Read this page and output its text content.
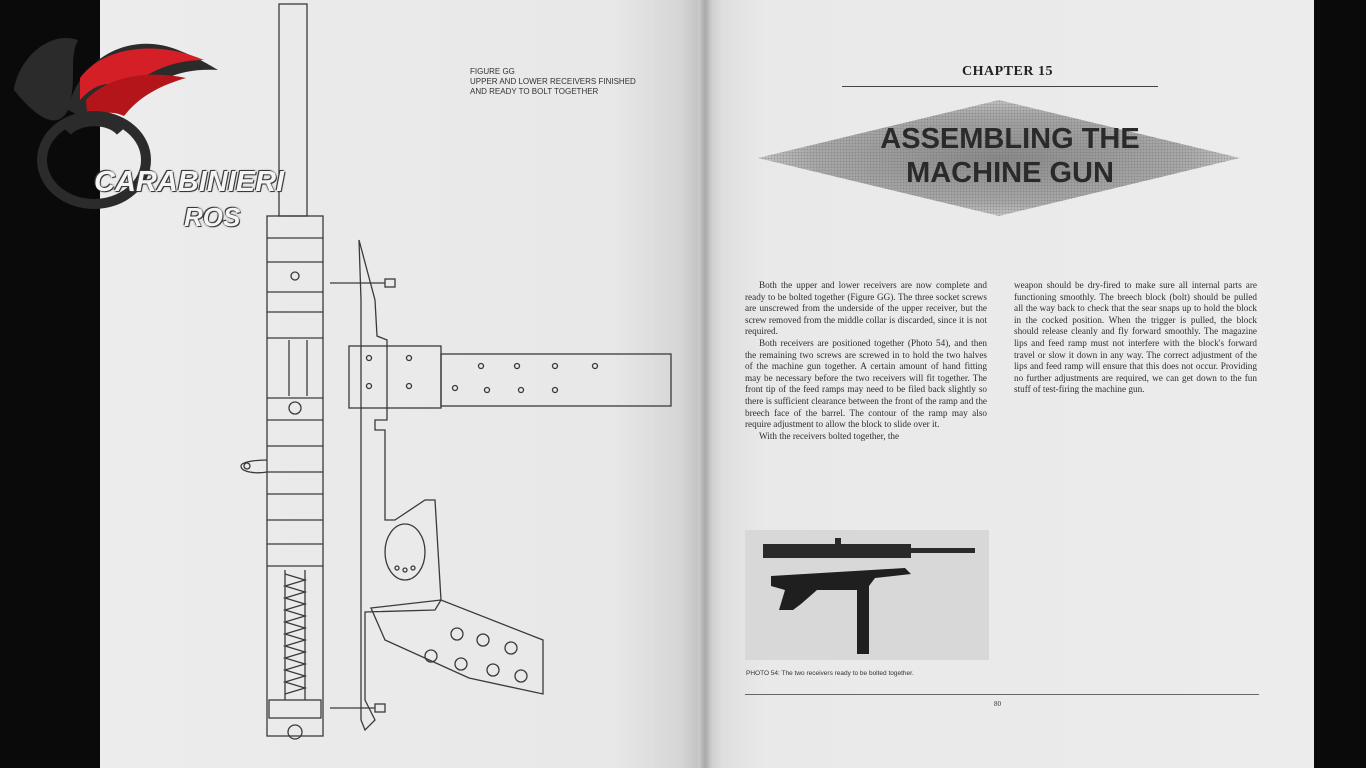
CARABINIERI
ROS
FIGURE GG
UPPER AND LOWER RECEIVERS FINISHED
AND READY TO BOLT TOGETHER
CHAPTER 15
ASSEMBLING THE
MACHINE GUN

Both the upper and lower receivers are now complete and ready to be bolted together (Figure GG). The three socket screws are unscrewed from the underside of the upper receiver, but the screw removed from the middle collar is discarded, since it is not required.

Both receivers are positioned together (Photo 54), and then the remaining two screws are screwed in to hold the two halves of the machine gun together. A certain amount of hand fitting may be necessary before the two receivers will fit together. The front tip of the feed ramps may need to be filed back slightly so there is sufficient clearance between the front of the ramp and the breech face of the barrel. The contour of the ramp may also require adjustment to allow the block to slide over it.

With the receivers bolted together, the

weapon should be dry-fired to make sure all internal parts are functioning smoothly. The breech block (bolt) should be pulled all the way back to check that the sear snaps up to hold the block in the cocked position. When the trigger is pulled, the block should release cleanly and fly forward smoothly. The magazine lips and feed ramp must not interfere with the block's forward travel or slow it down in any way. The correct adjustment of the lips and feed ramp will ensure that this does not occur. Providing no further adjustments are required, we can get down to the fun stuff of test-firing the machine gun.

PHOTO 54: The two receivers ready to be bolted together.
80
